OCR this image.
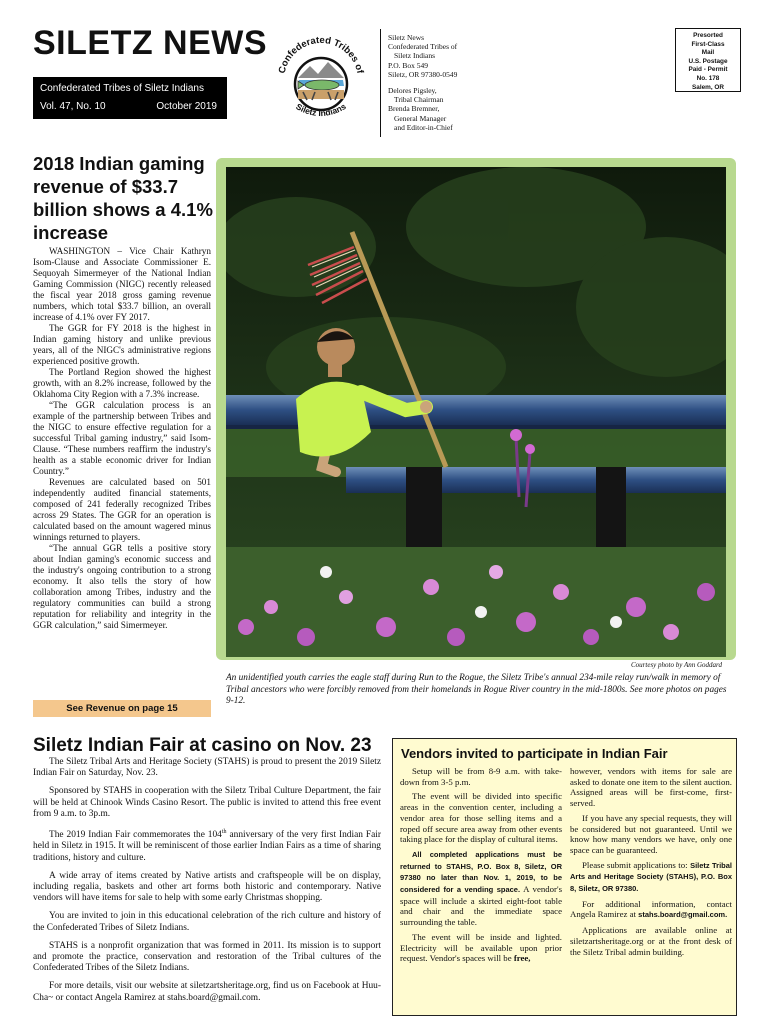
SILETZ NEWS
Confederated Tribes of Siletz Indians
Vol. 47, No. 10	October 2019
Confederated Tribes of
Siletz Indians
Siletz News
Confederated Tribes of
Siletz Indians
P.O. Box 549
Siletz, OR 97380-0549
Delores Pigsley,
Tribal Chairman
Brenda Bremner,
General Manager
and Editor-in-Chief
Presorted
First-Class
Mail
U.S. Postage
Paid - Permit
No. 178
Salem, OR
2018 Indian gaming revenue of $33.7 billion shows a 4.1% increase

WASHINGTON – Vice Chair Kathryn Isom-Clause and Associate Commissioner E. Sequoyah Simermeyer of the National Indian Gaming Commission (NIGC) recently released the fiscal year 2018 gross gaming revenue numbers, which total $33.7 billion, an overall increase of 4.1% over FY 2017.

The GGR for FY 2018 is the highest in Indian gaming history and unlike previous years, all of the NIGC's administrative regions experienced positive growth.

The Portland Region showed the highest growth, with an 8.2% increase, followed by the Oklahoma City Region with a 7.3% increase.

“The GGR calculation process is an example of the partnership between Tribes and the NIGC to ensure effective regulation for a successful Tribal gaming industry,” said Isom-Clause. “These numbers reaffirm the industry's health as a stable economic driver for Indian Country.”

Revenues are calculated based on 501 independently audited financial statements, composed of 241 federally recognized Tribes across 29 States. The GGR for an operation is calculated based on the amount wagered minus winnings returned to players.

“The annual GGR tells a positive story about Indian gaming's economic success and the industry's ongoing contribution to a strong economy. It also tells the story of how collaboration among Tribes, industry and the regulatory communities can build a strong reputation for reliability and integrity in the GGR calculation,” said Simermeyer.

See Revenue on page 15
Courtesy photo by Ann Goddard
An unidentified youth carries the eagle staff during Run to the Rogue, the Siletz Tribe's annual 234-mile relay run/walk in memory of Tribal ancestors who were forcibly removed from their homelands in Rogue River country in the mid-1800s. See more photos on pages 9-12.
Siletz Indian Fair at casino on Nov. 23

The Siletz Tribal Arts and Heritage Society (STAHS) is proud to present the 2019 Siletz Indian Fair on Saturday, Nov. 23.

Sponsored by STAHS in cooperation with the Siletz Tribal Culture Department, the fair will be held at Chinook Winds Casino Resort. The public is invited to attend this free event from 9 a.m. to 3p.m.

The 2019 Indian Fair commemorates the 104th anniversary of the very first Indian Fair held in Siletz in 1915. It will be reminiscent of those earlier Indian Fairs as a time of sharing traditions, history and culture.

A wide array of items created by Native artists and craftspeople will be on display, including regalia, baskets and other art forms both historic and contemporary. Native vendors will have items for sale to help with some early Christmas shopping.

You are invited to join in this educational celebration of the rich culture and history of the Confederated Tribes of Siletz Indians.

STAHS is a nonprofit organization that was formed in 2011. Its mission is to support and promote the practice, conservation and restoration of the Tribal cultures of the Confederated Tribes of the Siletz Indians.

For more details, visit our website at siletzartsheritage.org, find us on Facebook at Huu-Cha~ or contact Angela Ramirez at stahs.board@gmail.com.

Vendors invited to participate in Indian Fair

Setup will be from 8-9 a.m. with take-down from 3-5 p.m.

The event will be divided into specific areas in the convention center, including a vendor area for those selling items and a roped off secure area away from other events taking place for the display of cultural items.

All completed applications must be returned to STAHS, P.O. Box 8, Siletz, OR 97380 no later than Nov. 1, 2019, to be considered for a vending space. A vendor's space will include a skirted eight-foot table and chair and the immediate space surrounding the table.

The event will be inside and lighted. Electricity will be available upon prior request. Vendor's spaces will be free,

however, vendors with items for sale are asked to donate one item to the silent auction. Assigned areas will be first-come, first-served.

If you have any special requests, they will be considered but not guaranteed. Until we know how many vendors we have, only one space can be guaranteed.

Please submit applications to: Siletz Tribal Arts and Heritage Society (STAHS), P.O. Box 8, Siletz, OR 97380.

For additional information, contact Angela Ramirez at stahs.board@gmail.com.

Applications are available online at siletzartsheritage.org or at the front desk of the Siletz Tribal admin building.
